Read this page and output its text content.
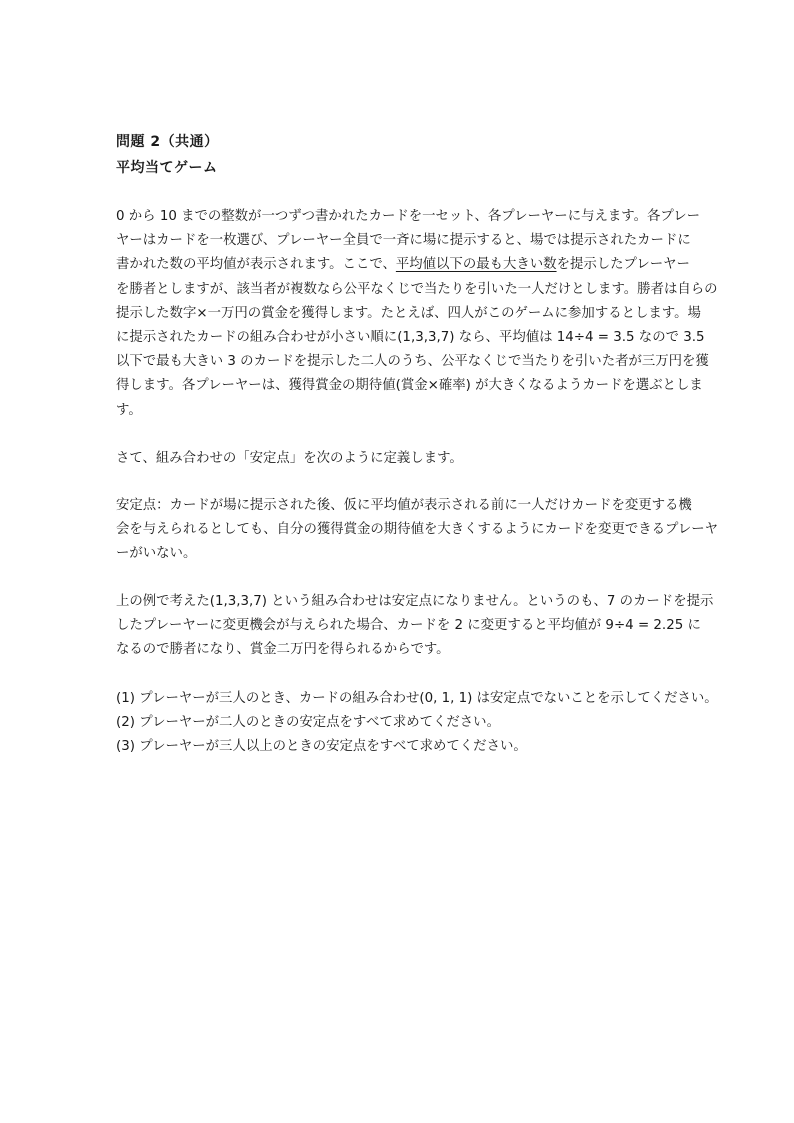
問題 2（共通）
平均当てゲーム
0 から 10 までの整数が一つずつ書かれたカードを一セット、各プレーヤーに与えます。各プレー
ヤーはカードを一枚選び、プレーヤー全員で一斉に場に提示すると、場では提示されたカードに
書かれた数の平均値が表示されます。ここで、平均値以下の最も大きい数を提示したプレーヤー
を勝者としますが、該当者が複数なら公平なくじで当たりを引いた一人だけとします。勝者は自らの
提示した数字×一万円の賞金を獲得します。たとえば、四人がこのゲームに参加するとします。場
に提示されたカードの組み合わせが小さい順に(1,3,3,7) なら、平均値は 14÷4 = 3.5 なので 3.5
以下で最も大きい 3 のカードを提示した二人のうち、公平なくじで当たりを引いた者が三万円を獲
得します。各プレーヤーは、獲得賞金の期待値(賞金×確率) が大きくなるようカードを選ぶとしま
す。
さて、組み合わせの「安定点」を次のように定義します。
安定点：カードが場に提示された後、仮に平均値が表示される前に一人だけカードを変更する機
会を与えられるとしても、自分の獲得賞金の期待値を大きくするようにカードを変更できるプレーヤ
ーがいない。
上の例で考えた(1,3,3,7) という組み合わせは安定点になりません。というのも、7 のカードを提示
したプレーヤーに変更機会が与えられた場合、カードを 2 に変更すると平均値が 9÷4 = 2.25 に
なるので勝者になり、賞金二万円を得られるからです。
(1) プレーヤーが三人のとき、カードの組み合わせ(0, 1, 1) は安定点でないことを示してください。
(2) プレーヤーが二人のときの安定点をすべて求めてください。
(3) プレーヤーが三人以上のときの安定点をすべて求めてください。
